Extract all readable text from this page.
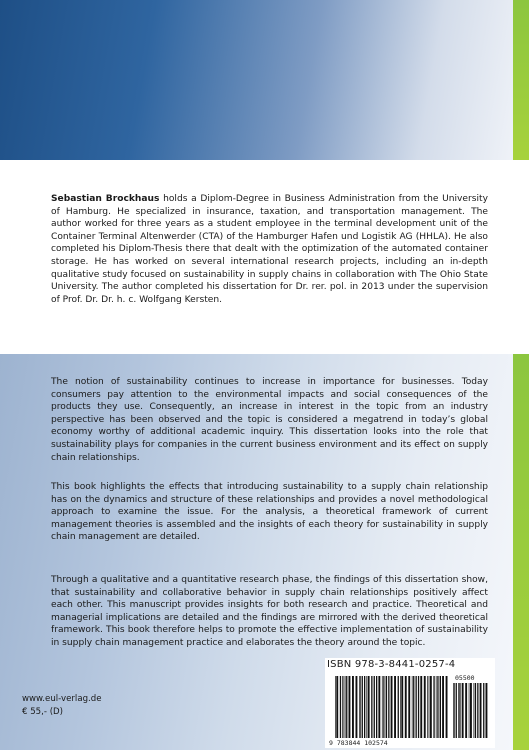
Sebastian Brockhaus holds a Diplom-Degree in Business Administration from the University of Hamburg. He specialized in insurance, taxation, and transportation management. The author worked for three years as a student employee in the terminal development unit of the Container Terminal Altenwerder (CTA) of the Hamburger Hafen und Logistik AG (HHLA). He also completed his Diplom-Thesis there that dealt with the optimization of the automated container storage. He has worked on several international research projects, including an in-depth qualitative study focused on sustainability in supply chains in collaboration with The Ohio State University. The author completed his dissertation for Dr. rer. pol. in 2013 under the supervision of Prof. Dr. Dr. h. c. Wolfgang Kersten.

The notion of sustainability continues to increase in importance for businesses. Today consumers pay attention to the environmental impacts and social consequences of the products they use. Consequently, an increase in interest in the topic from an industry perspective has been observed and the topic is considered a megatrend in today’s global economy worthy of additional academic inquiry. This dissertation looks into the role that sustainability plays for companies in the current business environment and its effect on supply chain relationships.

This book highlights the effects that introducing sustainability to a supply chain relationship has on the dynamics and structure of these relationships and provides a novel methodological approach to examine the issue. For the analysis, a theoretical framework of current management theories is assembled and the insights of each theory for sustainability in supply chain management are detailed.

Through a qualitative and a quantitative research phase, the findings of this dissertation show, that sustainability and collaborative behavior in supply chain relationships positively affect each other. This manuscript provides insights for both research and practice. Theoretical and managerial implications are detailed and the findings are mirrored with the derived theoretical framework. This book therefore helps to promote the effective implementation of sustainability in supply chain management practice and elaborates the theory around the topic.

ISBN 978-3-8441-0257-4
9 783844 102574
05500
www.eul-verlag.de
€ 55,- (D)
